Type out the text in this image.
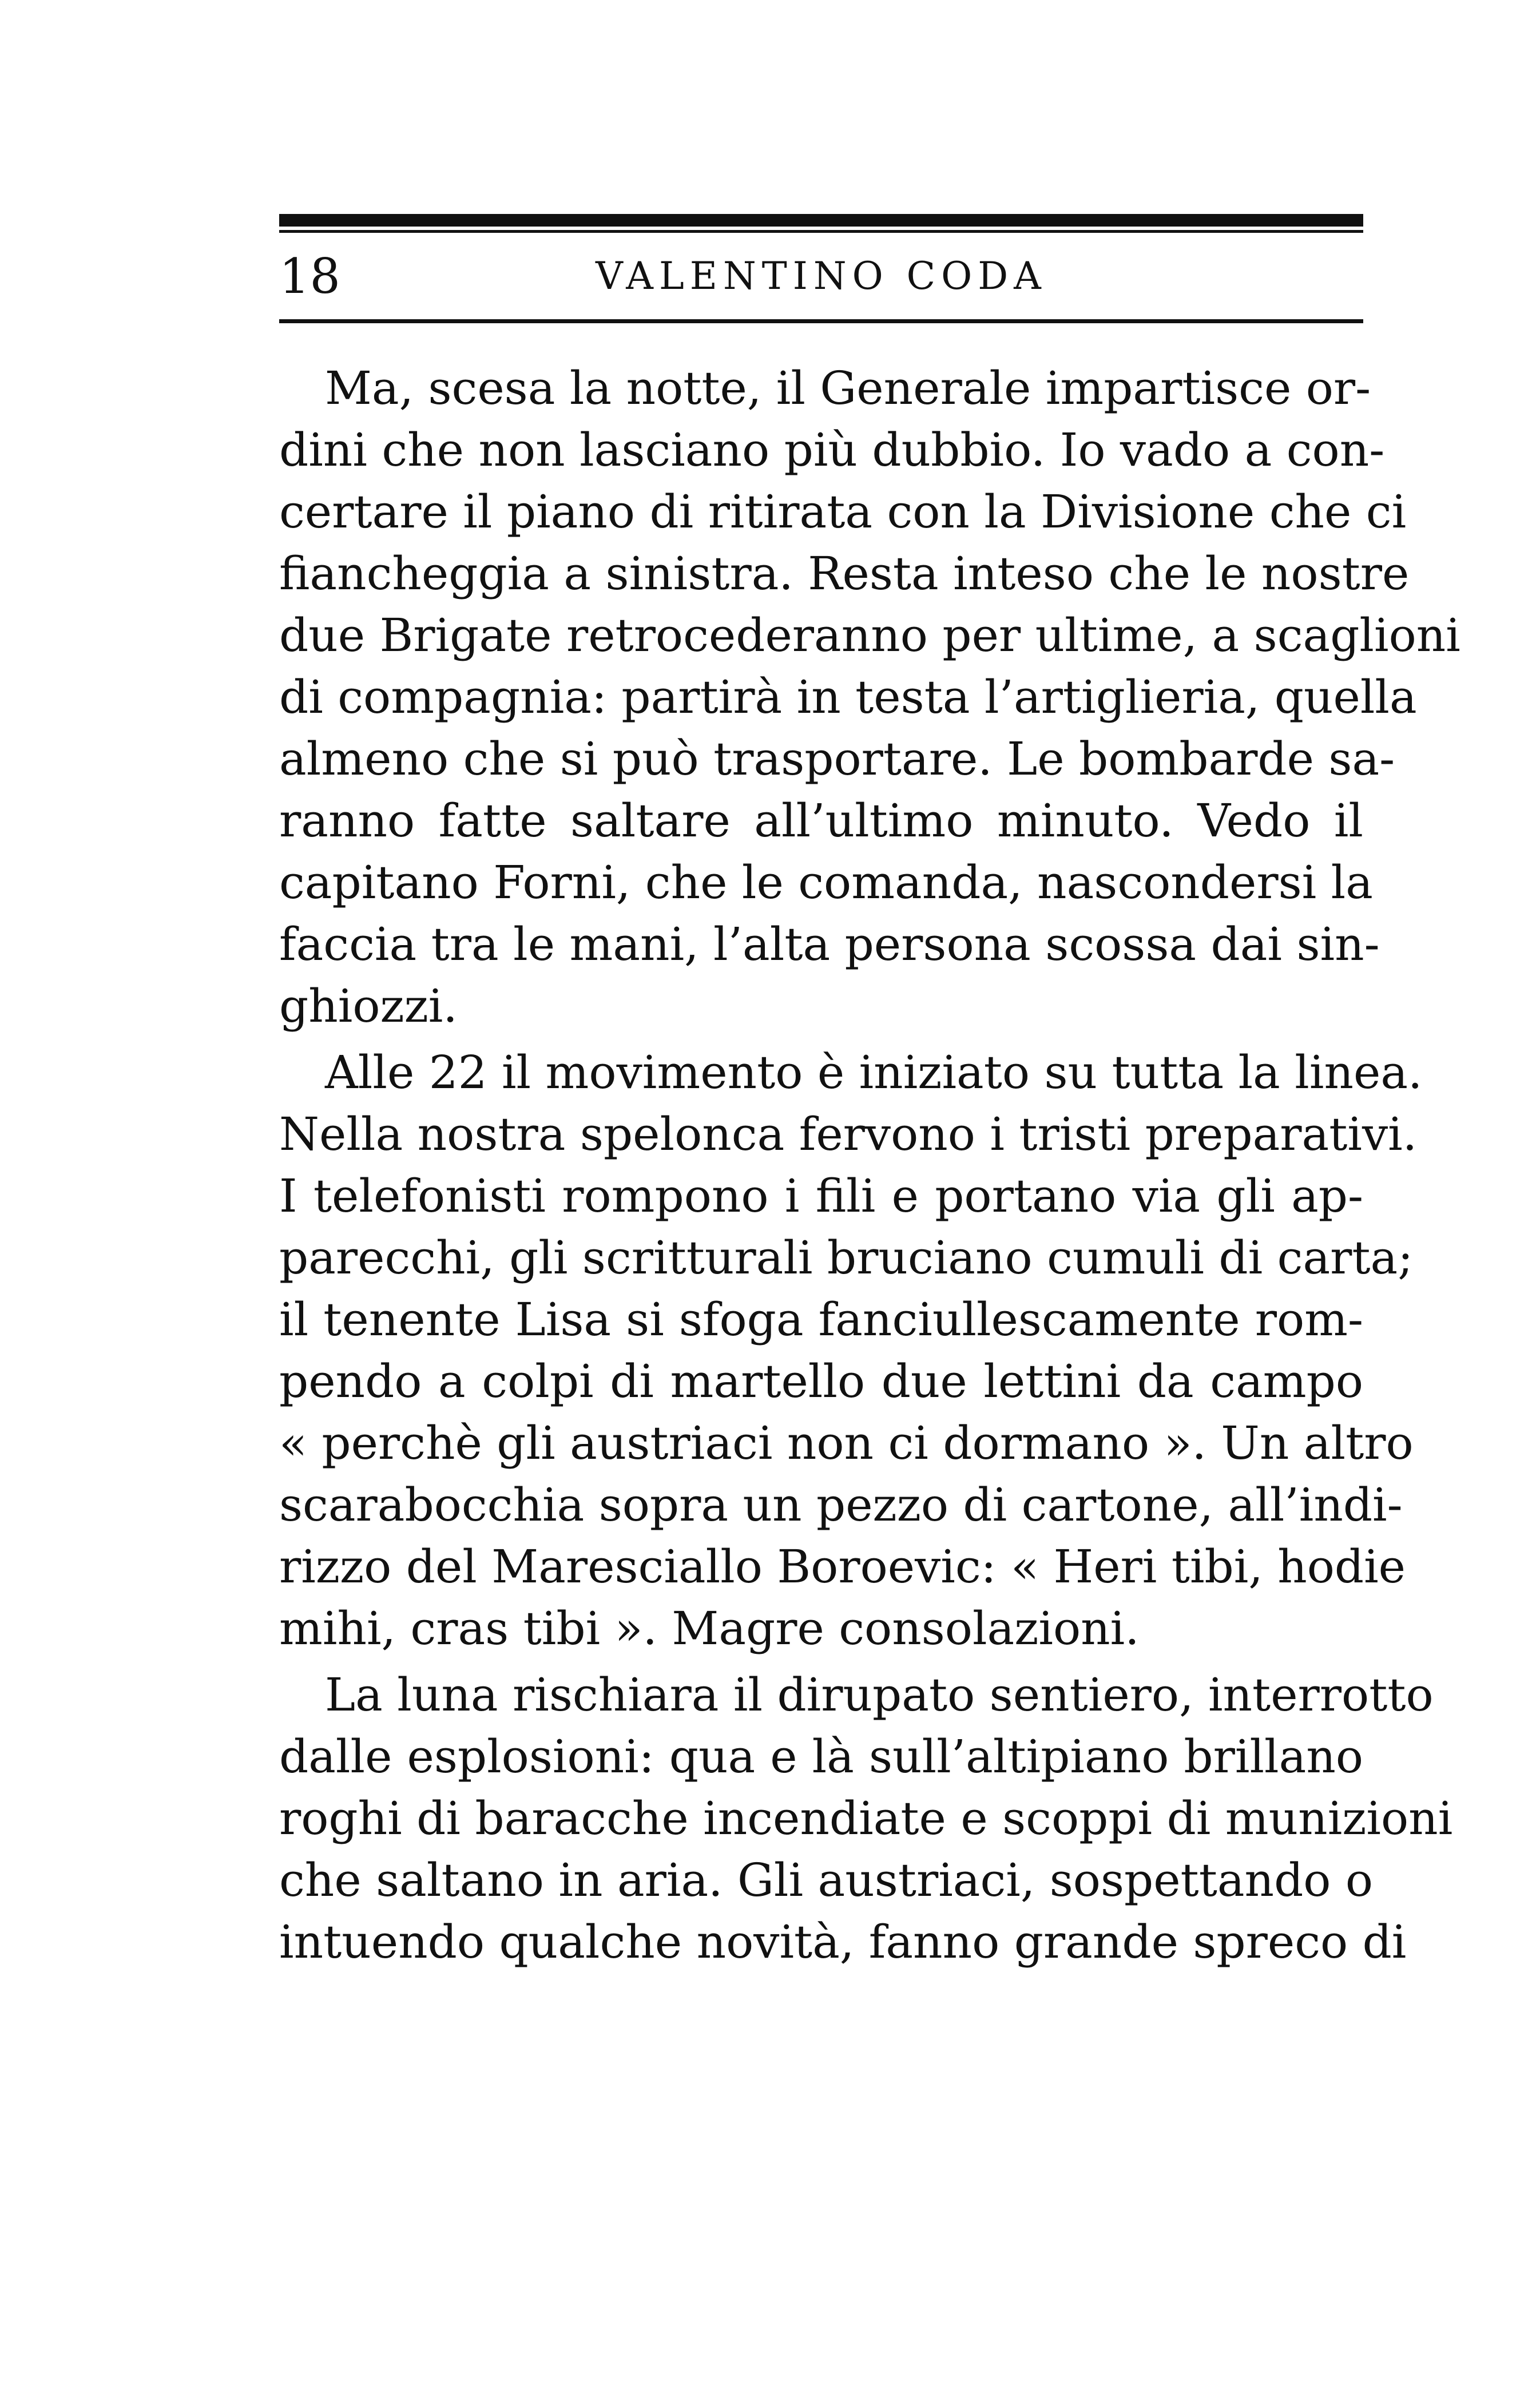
18	VALENTINO CODA
Ma, scesa la notte, il Generale impartisce or-
dini che non lasciano più dubbio. Io vado a con-
certare il piano di ritirata con la Divisione che ci
fiancheggia a sinistra. Resta inteso che le nostre
due Brigate retrocederanno per ultime, a scaglioni
di compagnia: partirà in testa l’artiglieria, quella
almeno che si può trasportare. Le bombarde sa-
ranno fatte saltare all’ultimo minuto. Vedo il
capitano Forni, che le comanda, nascondersi la
faccia tra le mani, l’alta persona scossa dai sin-
ghiozzi.
Alle 22 il movimento è iniziato su tutta la linea.
Nella nostra spelonca fervono i tristi preparativi.
I telefonisti rompono i fili e portano via gli ap-
parecchi, gli scritturali bruciano cumuli di carta;
il tenente Lisa si sfoga fanciullescamente rom-
pendo a colpi di martello due lettini da campo
« perchè gli austriaci non ci dormano ». Un altro
scarabocchia sopra un pezzo di cartone, all’indi-
rizzo del Maresciallo Boroevic: « Heri tibi, hodie
mihi, cras tibi ». Magre consolazioni.
La luna rischiara il dirupato sentiero, interrotto
dalle esplosioni: qua e là sull’altipiano brillano
roghi di baracche incendiate e scoppi di munizioni
che saltano in aria. Gli austriaci, sospettando o
intuendo qualche novità, fanno grande spreco di
